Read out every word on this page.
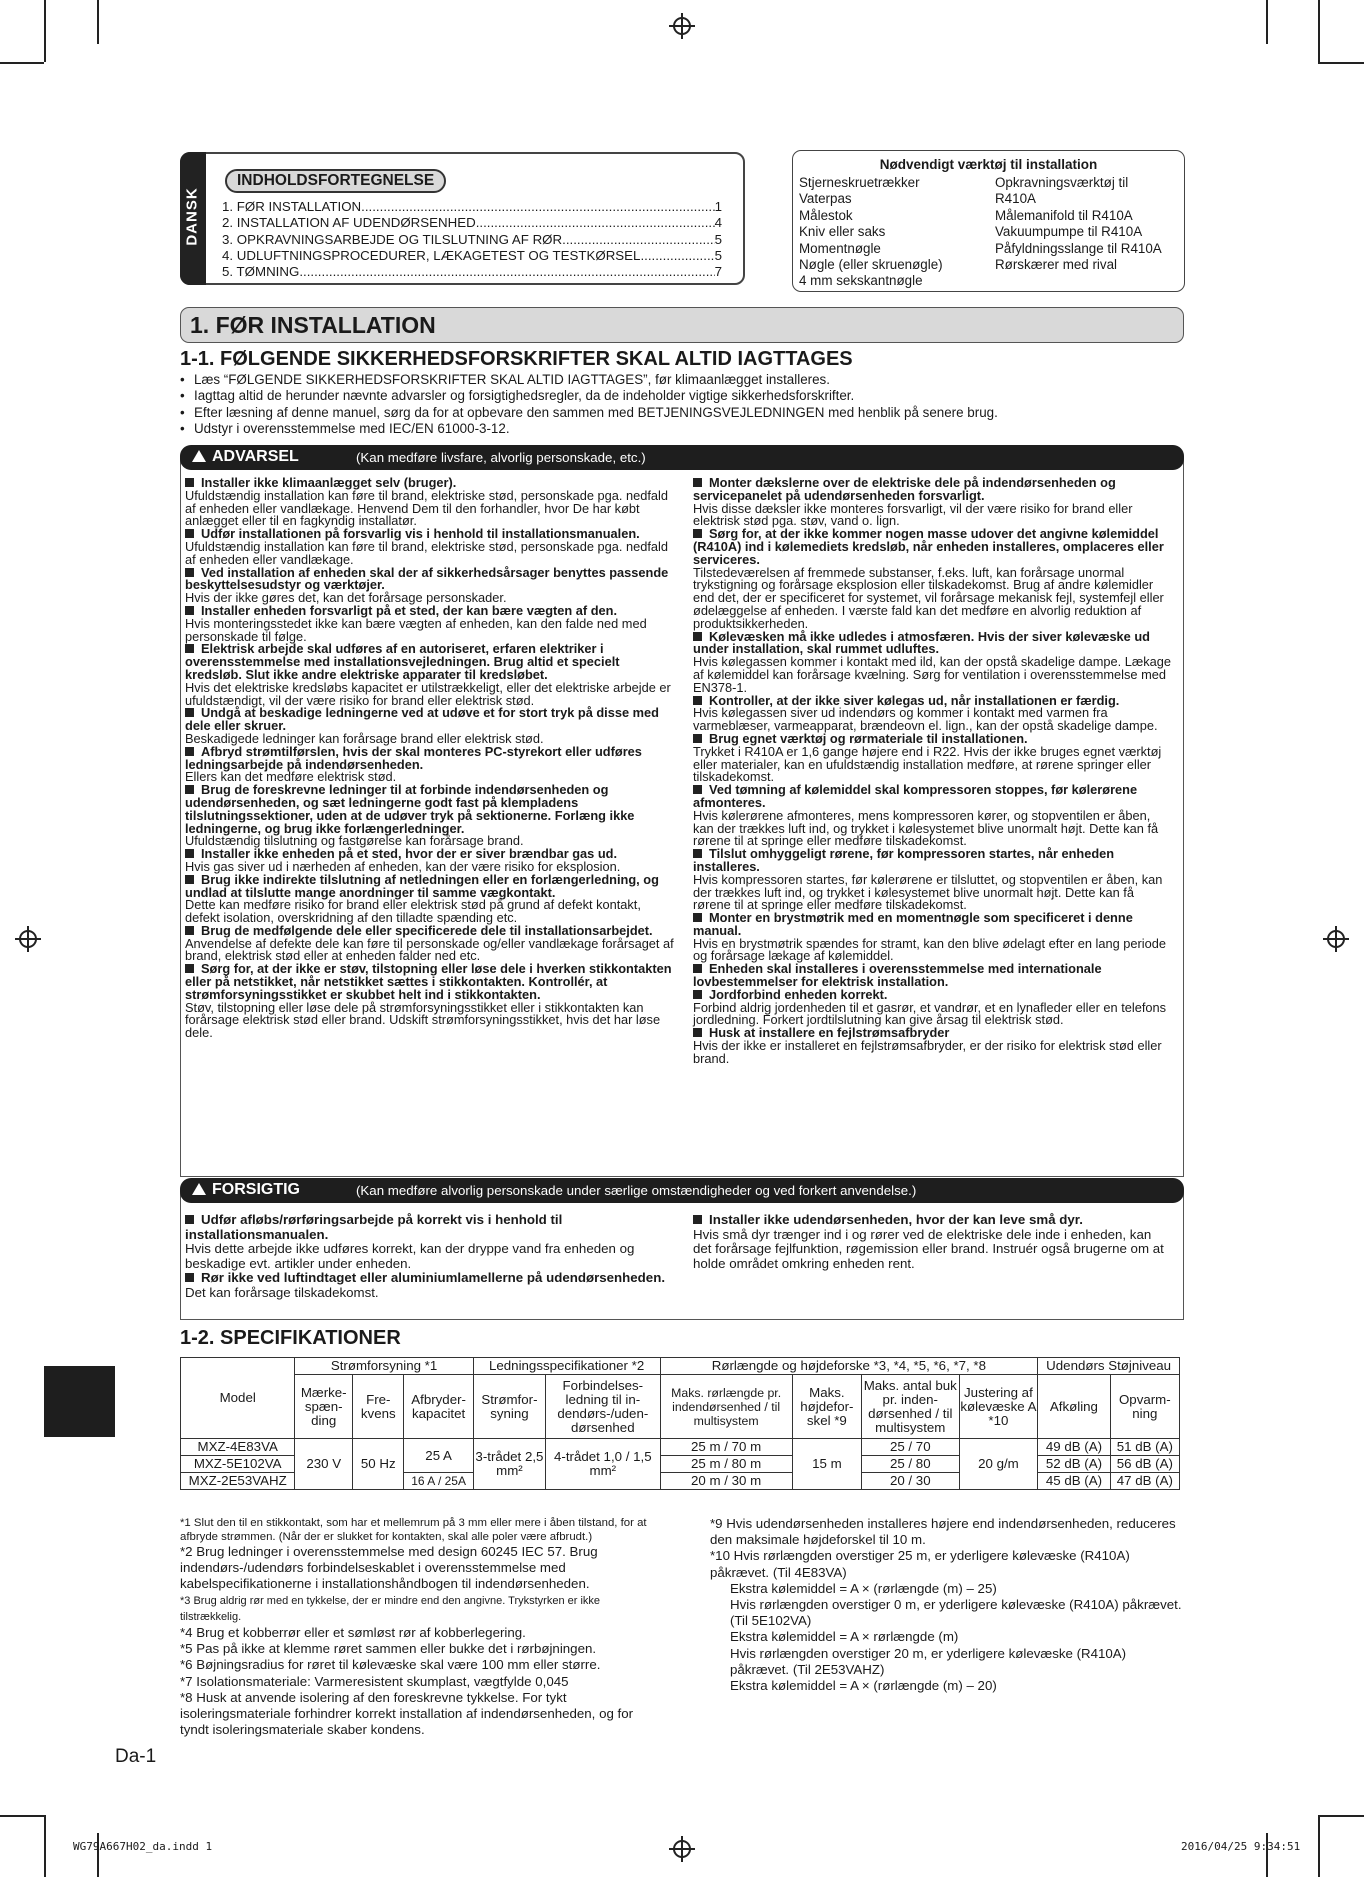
DANSK
INDHOLDSFORTEGNELSE
1. FØR INSTALLATION .....	1
2. INSTALLATION AF UDENDØRSENHED .....	4
3. OPKRAVNINGSARBEJDE OG TILSLUTNING AF RØR .....	5
4. UDLUFTNINGSPROCEDURER, LÆKAGETEST OG TESTKØRSEL .....	5
5. TØMNING .....	7
Nødvendigt værktøj til installation
Stjerneskruetrækker
Vaterpas
Målestok
Kniv eller saks
Momentnøgle
Nøgle (eller skruenøgle)
4 mm sekskantnøgle
Opkravningsværktøj til
R410A
Målemanifold til R410A
Vakuumpumpe til R410A
Påfyldningsslange til R410A
Rørskærer med rival
1. FØR INSTALLATION
1-1. FØLGENDE SIKKERHEDSFORSKRIFTER SKAL ALTID IAGTTAGES
• Læs “FØLGENDE SIKKERHEDSFORSKRIFTER SKAL ALTID IAGTTAGES”, før klimaanlægget installeres.
• Iagttag altid de herunder nævnte advarsler og forsigtighedsregler, da de indeholder vigtige sikkerhedsforskrifter.
• Efter læsning af denne manuel, sørg da for at opbevare den sammen med BETJENINGSVEJLEDNINGEN med henblik på senere brug.
• Udstyr i overensstemmelse med IEC/EN 61000-3-12.
ADVARSEL	(Kan medføre livsfare, alvorlig personskade, etc.)
Installer ikke klimaanlægget selv (bruger).
Ufuldstændig installation kan føre til brand, elektriske stød, personskade pga. nedfald af enheden eller vandlækage. Henvend Dem til den forhandler, hvor De har købt anlægget eller til en fagkyndig installatør.
Udfør installationen på forsvarlig vis i henhold til installationsmanualen.
Ufuldstændig installation kan føre til brand, elektriske stød, personskade pga. nedfald af enheden eller vandlækage.
Ved installation af enheden skal der af sikkerhedsårsager benyttes passende beskyttelsesudstyr og værktøjer.
Hvis der ikke gøres det, kan det forårsage personskader.
Installer enheden forsvarligt på et sted, der kan bære vægten af den.
Hvis monteringsstedet ikke kan bære vægten af enheden, kan den falde ned med personskade til følge.
Elektrisk arbejde skal udføres af en autoriseret, erfaren elektriker i overensstemmelse med installationsvejledningen. Brug altid et specielt kredsløb. Slut ikke andre elektriske apparater til kredsløbet.
Hvis det elektriske kredsløbs kapacitet er utilstrækkeligt, eller det elektriske arbejde er ufuldstændigt, vil der være risiko for brand eller elektrisk stød.
Undgå at beskadige ledningerne ved at udøve et for stort tryk på disse med dele eller skruer.
Beskadigede ledninger kan forårsage brand eller elektrisk stød.
Afbryd strømtilførslen, hvis der skal monteres PC-styrekort eller udføres ledningsarbejde på indendørsenheden.
Ellers kan det medføre elektrisk stød.
Brug de foreskrevne ledninger til at forbinde indendørsenheden og udendørsenheden, og sæt ledningerne godt fast på klempladens tilslutningssektioner, uden at de udøver tryk på sektionerne. Forlæng ikke ledningerne, og brug ikke forlængerledninger.
Ufuldstændig tilslutning og fastgørelse kan forårsage brand.
Installer ikke enheden på et sted, hvor der er siver brændbar gas ud.
Hvis gas siver ud i nærheden af enheden, kan der være risiko for eksplosion.
Brug ikke indirekte tilslutning af netledningen eller en forlængerledning, og undlad at tilslutte mange anordninger til samme vægkontakt.
Dette kan medføre risiko for brand eller elektrisk stød på grund af defekt kontakt, defekt isolation, overskridning af den tilladte spænding etc.
Brug de medfølgende dele eller specificerede dele til installationsarbejdet.
Anvendelse af defekte dele kan føre til personskade og/eller vandlækage forårsaget af brand, elektrisk stød eller at enheden falder ned etc.
Sørg for, at der ikke er støv, tilstopning eller løse dele i hverken stikkontakten eller på netstikket, når netstikket sættes i stikkontakten. Kontrollér, at strømforsyningsstikket er skubbet helt ind i stikkontakten.
Støv, tilstopning eller løse dele på strømforsyningsstikket eller i stikkontakten kan forårsage elektrisk stød eller brand. Udskift strømforsyningsstikket, hvis det har løse dele.
Monter dækslerne over de elektriske dele på indendørsenheden og servicepanelet på udendørsenheden forsvarligt.
Hvis disse dæksler ikke monteres forsvarligt, vil der være risiko for brand eller elektrisk stød pga. støv, vand o. lign.
Sørg for, at der ikke kommer nogen masse udover det angivne kølemiddel (R410A) ind i kølemediets kredsløb, når enheden installeres, omplaceres eller serviceres.
Tilstedeværelsen af fremmede substanser, f.eks. luft, kan forårsage unormal trykstigning og forårsage eksplosion eller tilskadekomst. Brug af andre kølemidler end det, der er specificeret for systemet, vil forårsage mekanisk fejl, systemfejl eller ødelæggelse af enheden. I værste fald kan det medføre en alvorlig reduktion af produktsikkerheden.
Kølevæsken må ikke udledes i atmosfæren. Hvis der siver kølevæske ud under installation, skal rummet udluftes.
Hvis kølegassen kommer i kontakt med ild, kan der opstå skadelige dampe. Lækage af kølemiddel kan forårsage kvælning. Sørg for ventilation i overensstemmelse med EN378-1.
Kontroller, at der ikke siver kølegas ud, når installationen er færdig.
Hvis kølegassen siver ud indendørs og kommer i kontakt med varmen fra varmeblæser, varmeapparat, brændeovn el. lign., kan der opstå skadelige dampe.
Brug egnet værktøj og rørmateriale til installationen.
Trykket i R410A er 1,6 gange højere end i R22. Hvis der ikke bruges egnet værktøj eller materialer, kan en ufuldstændig installation medføre, at rørene springer eller tilskadekomst.
Ved tømning af kølemiddel skal kompressoren stoppes, før kølerørene afmonteres.
Hvis kølerørene afmonteres, mens kompressoren kører, og stopventilen er åben, kan der trækkes luft ind, og trykket i kølesystemet blive unormalt højt. Dette kan få rørene til at springe eller medføre tilskadekomst.
Tilslut omhyggeligt rørene, før kompressoren startes, når enheden installeres.
Hvis kompressoren startes, før kølerørene er tilsluttet, og stopventilen er åben, kan der trækkes luft ind, og trykket i kølesystemet blive unormalt højt. Dette kan få rørene til at springe eller medføre tilskadekomst.
Monter en brystmøtrik med en momentnøgle som specificeret i denne manual.
Hvis en brystmøtrik spændes for stramt, kan den blive ødelagt efter en lang periode og forårsage lækage af kølemiddel.
Enheden skal installeres i overensstemmelse med internationale lovbestemmelser for elektrisk installation.
Jordforbind enheden korrekt.
Forbind aldrig jordenheden til et gasrør, et vandrør, et en lynafleder eller en telefons jordledning. Forkert jordtilslutning kan give årsag til elektrisk stød.
Husk at installere en fejlstrømsafbryder
Hvis der ikke er installeret en fejlstrømsafbryder, er der risiko for elektrisk stød eller brand.
FORSIGTIG	(Kan medføre alvorlig personskade under særlige omstændigheder og ved forkert anvendelse.)
Udfør afløbs/rørføringsarbejde på korrekt vis i henhold til installationsmanualen.
Hvis dette arbejde ikke udføres korrekt, kan der dryppe vand fra enheden og beskadige evt. artikler under enheden.
Rør ikke ved luftindtaget eller aluminiumlamellerne på udendørsenheden.
Det kan forårsage tilskadekomst.
Installer ikke udendørsenheden, hvor der kan leve små dyr.
Hvis små dyr trænger ind i og rører ved de elektriske dele inde i enheden, kan det forårsage fejlfunktion, røgemission eller brand. Instruér også brugerne om at holde området omkring enheden rent.
1-2. SPECIFIKATIONER
Model	Strømforsyning *1			Ledningsspecifikationer *2		Rørlængde og højdeforske *3, *4, *5, *6, *7, *8				Udendørs Støjniveau	
	Mærke-spæn-ding	Fre-kvens	Afbryder-kapacitet	Strømfor-syning	Forbindelses-ledning til in-dendørs-/uden-dørsenhed	Maks. rørlængde pr. indendørsenhed / til multisystem	Maks. højdefor-skel *9	Maks. antal buk pr. inden-dørsenhed / til multisystem	Justering af kølevæske A *10	Afkøling	Opvarm-ning
MXZ-4E83VA	230 V	50 Hz	25 A	3-trådet 2,5 mm²	4-trådet 1,0 / 1,5 mm²	25 m / 70 m	15 m	25 / 70	20 g/m	49 dB (A)	51 dB (A)
MXZ-5E102VA						25 m / 80 m		25 / 80		52 dB (A)	56 dB (A)
MXZ-2E53VAHZ			16 A / 25A			20 m / 30 m		20 / 30		45 dB (A)	47 dB (A)
*1 Slut den til en stikkontakt, som har et mellemrum på 3 mm eller mere i åben tilstand, for at afbryde strømmen. (Når der er slukket for kontakten, skal alle poler være afbrudt.)
*2 Brug ledninger i overensstemmelse med design 60245 IEC 57. Brug indendørs-/udendørs forbindelseskablet i overensstemmelse med kabelspecifikationerne i installationshåndbogen til indendørsenheden.
*3 Brug aldrig rør med en tykkelse, der er mindre end den angivne. Trykstyrken er ikke tilstrækkelig.
*4 Brug et kobberrør eller et sømløst rør af kobberlegering.
*5 Pas på ikke at klemme røret sammen eller bukke det i rørbøjningen.
*6 Bøjningsradius for røret til kølevæske skal være 100 mm eller større.
*7 Isolationsmateriale: Varmeresistent skumplast, vægtfylde 0,045
*8 Husk at anvende isolering af den foreskrevne tykkelse. For tykt isoleringsmateriale forhindrer korrekt installation af indendørsenheden, og for tyndt isoleringsmateriale skaber kondens.
*9 Hvis udendørsenheden installeres højere end indendørsenheden, reduceres den maksimale højdeforskel til 10 m.
*10 Hvis rørlængden overstiger 25 m, er yderligere kølevæske (R410A) påkrævet. (Til 4E83VA)
Ekstra kølemiddel = A × (rørlængde (m) – 25)
Hvis rørlængden overstiger 0 m, er yderligere kølevæske (R410A) påkrævet. (Til 5E102VA)
Ekstra kølemiddel = A × rørlængde (m)
Hvis rørlængden overstiger 20 m, er yderligere kølevæske (R410A) påkrævet. (Til 2E53VAHZ)
Ekstra kølemiddel = A × (rørlængde (m) – 20)
Da-1
WG79A667H02_da.indd 1	2016/04/25 9:34:51
